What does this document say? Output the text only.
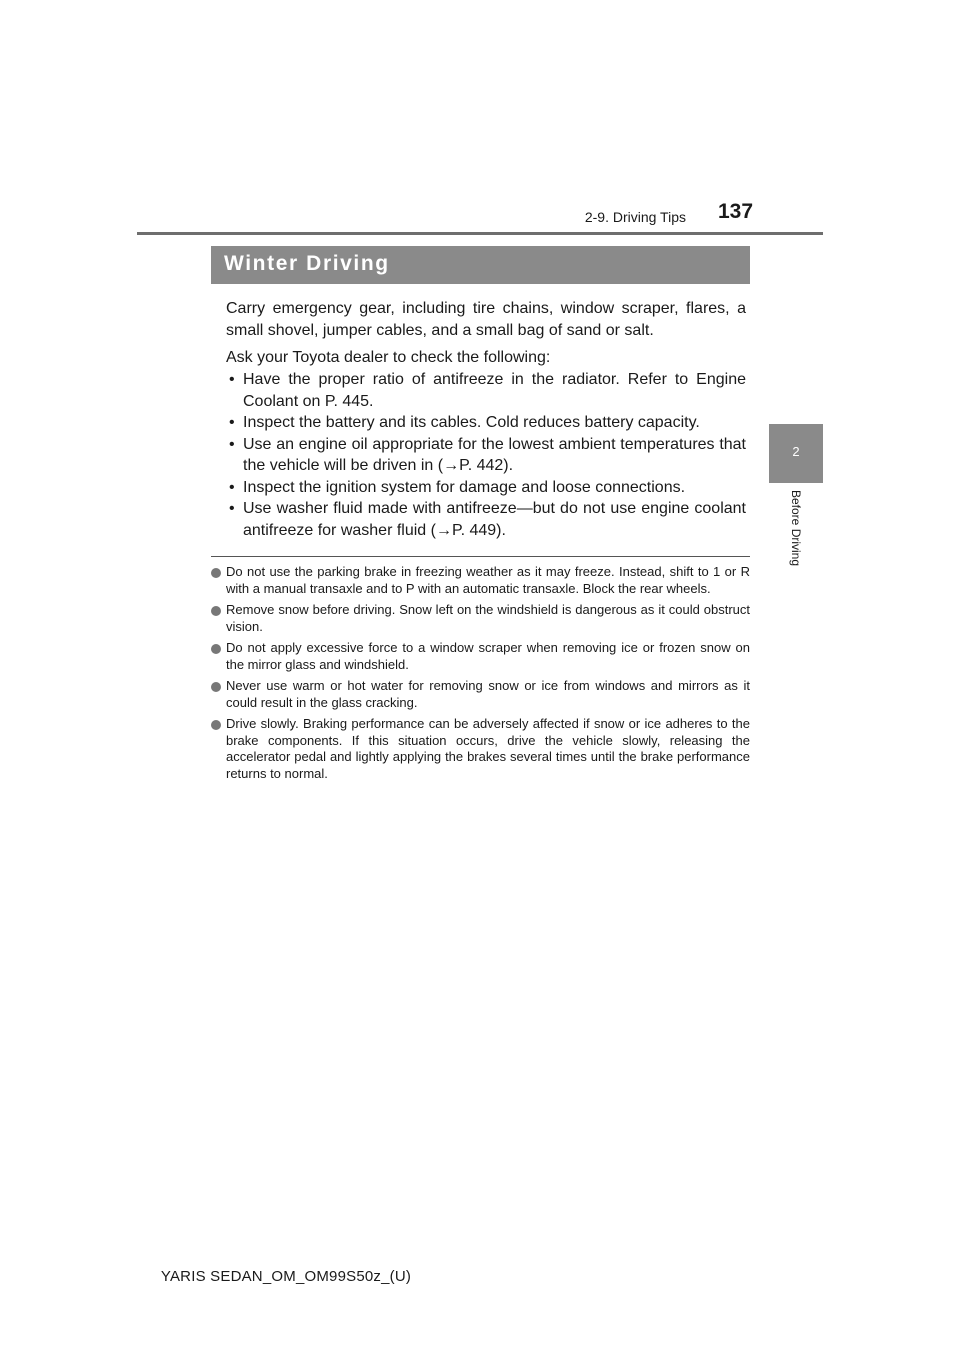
2-9. Driving Tips 137
2
Before Driving
Winter Driving
Carry emergency gear, including tire chains, window scraper, flares, a small shovel, jumper cables, and a small bag of sand or salt.
Ask your Toyota dealer to check the following:
• Have the proper ratio of antifreeze in the radiator. Refer to Engine Coolant on P. 445.
• Inspect the battery and its cables. Cold reduces battery capacity.
• Use an engine oil appropriate for the lowest ambient temperatures that the vehicle will be driven in (→P. 442).
• Inspect the ignition system for damage and loose connections.
• Use washer fluid made with antifreeze—but do not use engine coolant antifreeze for washer fluid (→P. 449).
Do not use the parking brake in freezing weather as it may freeze. Instead, shift to 1 or R with a manual transaxle and to P with an automatic transaxle. Block the rear wheels.
Remove snow before driving. Snow left on the windshield is dangerous as it could obstruct vision.
Do not apply excessive force to a window scraper when removing ice or frozen snow on the mirror glass and windshield.
Never use warm or hot water for removing snow or ice from windows and mirrors as it could result in the glass cracking.
Drive slowly. Braking performance can be adversely affected if snow or ice adheres to the brake components. If this situation occurs, drive the vehicle slowly, releasing the accelerator pedal and lightly applying the brakes several times until the brake performance returns to normal.
YARIS SEDAN_OM_OM99S50z_(U)
